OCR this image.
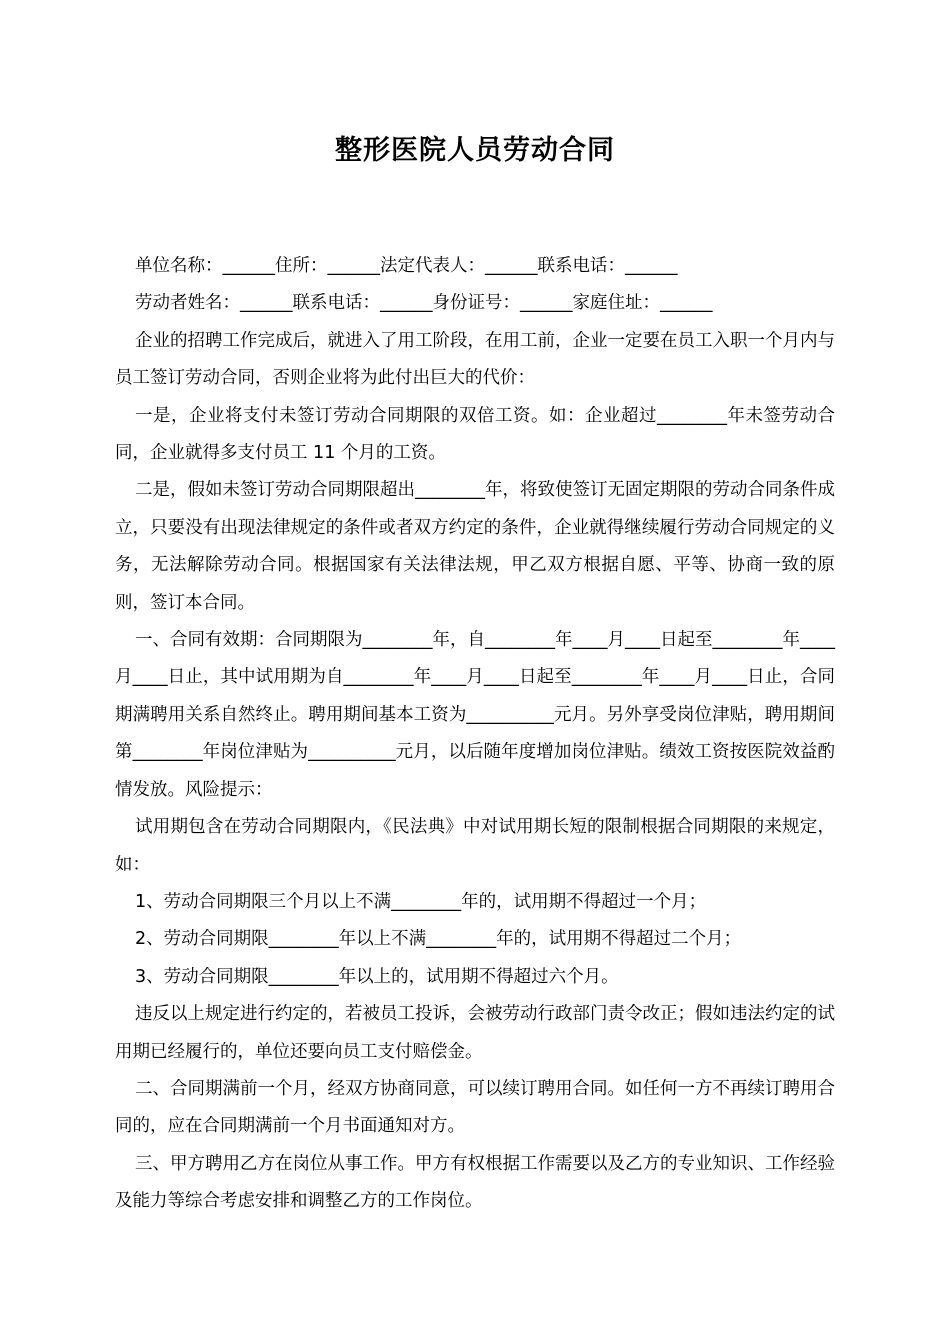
整形医院人员劳动合同

单位名称：______住所：______法定代表人：______联系电话：______

劳动者姓名：______联系电话：______身份证号：______家庭住址：______

企业的招聘工作完成后，就进入了用工阶段，在用工前，企业一定要在员工入职一个月内与员工签订劳动合同，否则企业将为此付出巨大的代价：

一是，企业将支付未签订劳动合同期限的双倍工资。如：企业超过________年未签劳动合同，企业就得多支付员工 11 个月的工资。

二是，假如未签订劳动合同期限超出________年，将致使签订无固定期限的劳动合同条件成立，只要没有出现法律规定的条件或者双方约定的条件，企业就得继续履行劳动合同规定的义务，无法解除劳动合同。根据国家有关法律法规，甲乙双方根据自愿、平等、协商一致的原则，签订本合同。

一、合同有效期：合同期限为________年，自________年____月____日起至________年____月____日止，其中试用期为自________年____月____日起至________年____月____日止，合同期满聘用关系自然终止。聘用期间基本工资为__________元月。另外享受岗位津贴，聘用期间第________年岗位津贴为__________元月，以后随年度增加岗位津贴。绩效工资按医院效益酌情发放。风险提示：

试用期包含在劳动合同期限内，《民法典》中对试用期长短的限制根据合同期限的来规定，如：

1、劳动合同期限三个月以上不满________年的，试用期不得超过一个月；

2、劳动合同期限________年以上不满________年的，试用期不得超过二个月；

3、劳动合同期限________年以上的，试用期不得超过六个月。

违反以上规定进行约定的，若被员工投诉，会被劳动行政部门责令改正；假如违法约定的试用期已经履行的，单位还要向员工支付赔偿金。

二、合同期满前一个月，经双方协商同意，可以续订聘用合同。如任何一方不再续订聘用合同的，应在合同期满前一个月书面通知对方。

三、甲方聘用乙方在岗位从事工作。甲方有权根据工作需要以及乙方的专业知识、工作经验及能力等综合考虑安排和调整乙方的工作岗位。
